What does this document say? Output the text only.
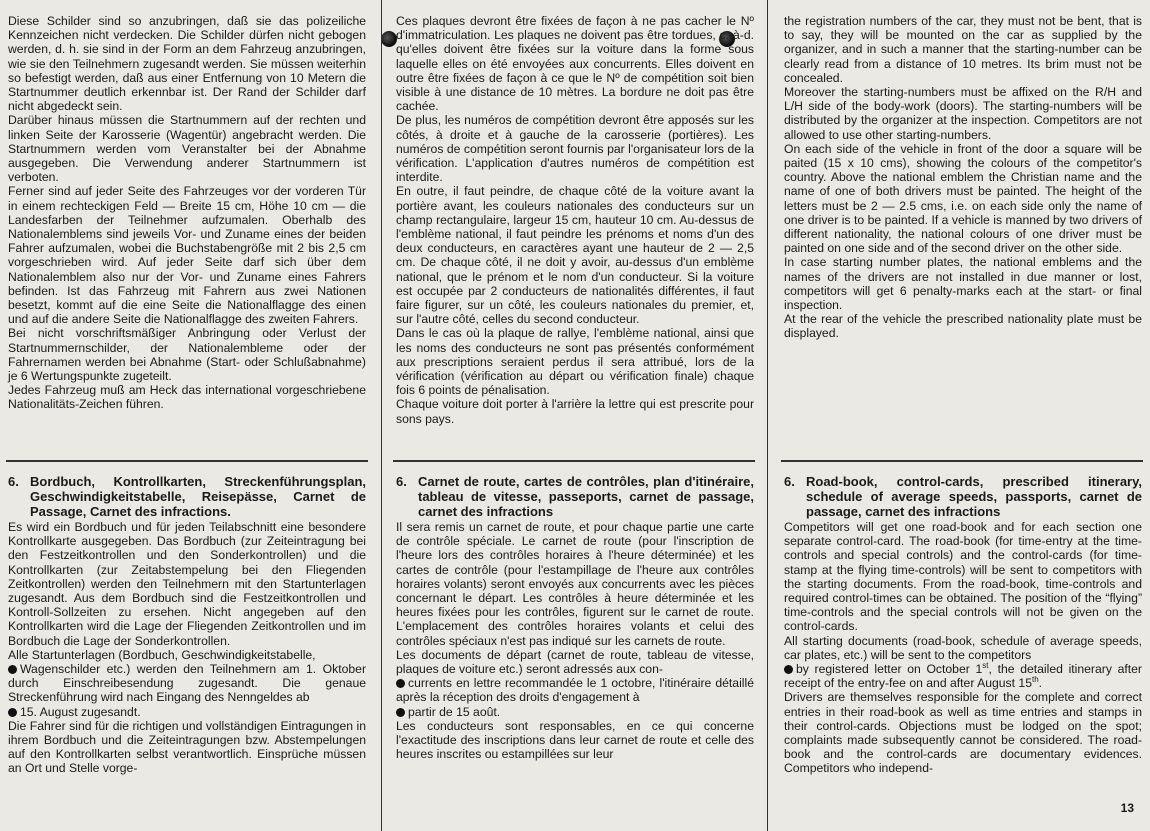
Diese Schilder sind so anzubringen, daß sie das polizeiliche Kennzeichen nicht verdecken. Die Schilder dürfen nicht gebogen werden, d. h. sie sind in der Form an dem Fahrzeug anzubringen, wie sie den Teilnehmern zugesandt werden. Sie müssen weiterhin so befestigt werden, daß aus einer Entfernung von 10 Metern die Startnummer deutlich erkennbar ist. Der Rand der Schilder darf nicht abgedeckt sein.

Darüber hinaus müssen die Startnummern auf der rechten und linken Seite der Karosserie (Wagentür) angebracht werden. Die Startnummern werden vom Veranstalter bei der Abnahme ausgegeben. Die Verwendung anderer Startnummern ist verboten.

Ferner sind auf jeder Seite des Fahrzeuges vor der vorderen Tür in einem rechteckigen Feld — Breite 15 cm, Höhe 10 cm — die Landesfarben der Teilnehmer aufzumalen. Oberhalb des Nationalemblems sind jeweils Vor- und Zuname eines der beiden Fahrer aufzumalen, wobei die Buchstabengröße mit 2 bis 2,5 cm vorgeschrieben wird. Auf jeder Seite darf sich über dem Nationalemblem also nur der Vor- und Zuname eines Fahrers befinden. Ist das Fahrzeug mit Fahrern aus zwei Nationen besetzt, kommt auf die eine Seite die Nationalflagge des einen und auf die andere Seite die Nationalflagge des zweiten Fahrers.

Bei nicht vorschriftsmäßiger Anbringung oder Verlust der Startnummernschilder, der Nationalembleme oder der Fahrernamen werden bei Abnahme (Start- oder Schlußabnahme) je 6 Wertungspunkte zugeteilt.

Jedes Fahrzeug muß am Heck das international vorgeschriebene Nationalitäts-Zeichen führen.

6. Bordbuch, Kontrollkarten, Streckenführungsplan, Geschwindigkeitstabelle, Reisepässe, Carnet de Passage, Carnet des infractions.

Es wird ein Bordbuch und für jeden Teilabschnitt eine besondere Kontrollkarte ausgegeben. Das Bordbuch (zur Zeiteintragung bei den Festzeitkontrollen und den Sonderkontrollen) und die Kontrollkarten (zur Zeitabstempelung bei den Fliegenden Zeitkontrollen) werden den Teilnehmern mit den Startunterlagen zugesandt. Aus dem Bordbuch sind die Festzeitkontrollen und Kontroll-Sollzeiten zu ersehen. Nicht angegeben auf den Kontrollkarten wird die Lage der Fliegenden Zeitkontrollen und im Bordbuch die Lage der Sonderkontrollen.

Alle Startunterlagen (Bordbuch, Geschwindigkeitstabelle,
Wagenschilder etc.) werden den Teilnehmern am 1. Oktober durch Einschreibesendung zugesandt. Die genaue Streckenführung wird nach Eingang des Nenngeldes ab
15. August zugesandt.

Die Fahrer sind für die richtigen und vollständigen Eintragungen in ihrem Bordbuch und die Zeiteintragungen bzw. Abstempelungen auf den Kontrollkarten selbst verantwortlich. Einsprüche müssen an Ort und Stelle vorge-

Ces plaques devront être fixées de façon à ne pas cacher le Nº d'immatriculation. Les plaques ne doivent pas être tordues, c.-à-d. qu'elles doivent être fixées sur la voiture dans la forme sous laquelle elles on été envoyées aux concurrents. Elles doivent en outre être fixées de façon à ce que le Nº de compétition soit bien visible à une distance de 10 mètres. La bordure ne doit pas être cachée.

De plus, les numéros de compétition devront être apposés sur les côtés, à droite et à gauche de la carosserie (portières). Les numéros de compétition seront fournis par l'organisateur lors de la vérification. L'application d'autres numéros de compétition est interdite.

En outre, il faut peindre, de chaque côté de la voiture avant la portière avant, les couleurs nationales des conducteurs sur un champ rectangulaire, largeur 15 cm, hauteur 10 cm. Au-dessus de l'emblème national, il faut peindre les prénoms et noms d'un des deux conducteurs, en caractères ayant une hauteur de 2 — 2,5 cm. De chaque côté, il ne doit y avoir, au-dessus d'un emblème national, que le prénom et le nom d'un conducteur. Si la voiture est occupée par 2 conducteurs de nationalités différentes, il faut faire figurer, sur un côté, les couleurs nationales du premier, et, sur l'autre côté, celles du second conducteur.

Dans le cas où la plaque de rallye, l'emblème national, ainsi que les noms des conducteurs ne sont pas présentés conformément aux prescriptions seraient perdus il sera attribué, lors de la vérification (vérification au départ ou vérification finale) chaque fois 6 points de pénalisation.

Chaque voiture doit porter à l'arrière la lettre qui est prescrite pour sons pays.

6. Carnet de route, cartes de contrôles, plan d'itinéraire, tableau de vitesse, passeports, carnet de passage, carnet des infractions

Il sera remis un carnet de route, et pour chaque partie une carte de contrôle spéciale. Le carnet de route (pour l'inscription de l'heure lors des contrôles horaires à l'heure déterminée) et les cartes de contrôle (pour l'estampillage de l'heure aux contrôles horaires volants) seront envoyés aux concurrents avec les pièces concernant le départ. Les contrôles à heure déterminée et les heures fixées pour les contrôles, figurent sur le carnet de route. L'emplacement des contrôles horaires volants et celui des contrôles spéciaux n'est pas indiqué sur les carnets de route.

Les documents de départ (carnet de route, tableau de vitesse, plaques de voiture etc.) seront adressés aux con-
currents en lettre recommandée le 1 octobre, l'itinéraire détaillé après la réception des droits d'engagement à
partir de 15 août.

Les conducteurs sont responsables, en ce qui concerne l'exactitude des inscriptions dans leur carnet de route et celle des heures inscrites ou estampillées sur leur

the registration numbers of the car, they must not be bent, that is to say, they will be mounted on the car as supplied by the organizer, and in such a manner that the starting-number can be clearly read from a distance of 10 metres. Its brim must not be concealed.

Moreover the starting-numbers must be affixed on the R/H and L/H side of the body-work (doors). The starting-numbers will be distributed by the organizer at the inspection. Competitors are not allowed to use other starting-numbers.

On each side of the vehicle in front of the door a square will be paited (15 x 10 cms), showing the colours of the competitor's country. Above the national emblem the Christian name and the name of one of both drivers must be painted. The height of the letters must be 2 — 2.5 cms, i.e. on each side only the name of one driver is to be painted. If a vehicle is manned by two drivers of different nationality, the national colours of one driver must be painted on one side and of the second driver on the other side.

In case starting number plates, the national emblems and the names of the drivers are not installed in due manner or lost, competitors will get 6 penalty-marks each at the start- or final inspection.

At the rear of the vehicle the prescribed nationality plate must be displayed.

6. Road-book, control-cards, prescribed itinerary, schedule of average speeds, passports, carnet de passage, carnet des infractions

Competitors will get one road-book and for each section one separate control-card. The road-book (for time-entry at the time-controls and special controls) and the control-cards (for time-stamp at the flying time-controls) will be sent to competitors with the starting documents. From the road-book, time-controls and required control-times can be obtained. The position of the “flying” time-controls and the special controls will not be given on the control-cards.

All starting documents (road-book, schedule of average speeds, car plates, etc.) will be sent to the competitors
by registered letter on October 1st, the detailed itinerary after receipt of the entry-fee on and after August 15th.

Drivers are themselves responsible for the complete and correct entries in their road-book as well as time entries and stamps in their control-cards. Objections must be lodged on the spot; complaints made subsequently cannot be considered. The road-book and the control-cards are documentary evidences. Competitors who independ-

13
